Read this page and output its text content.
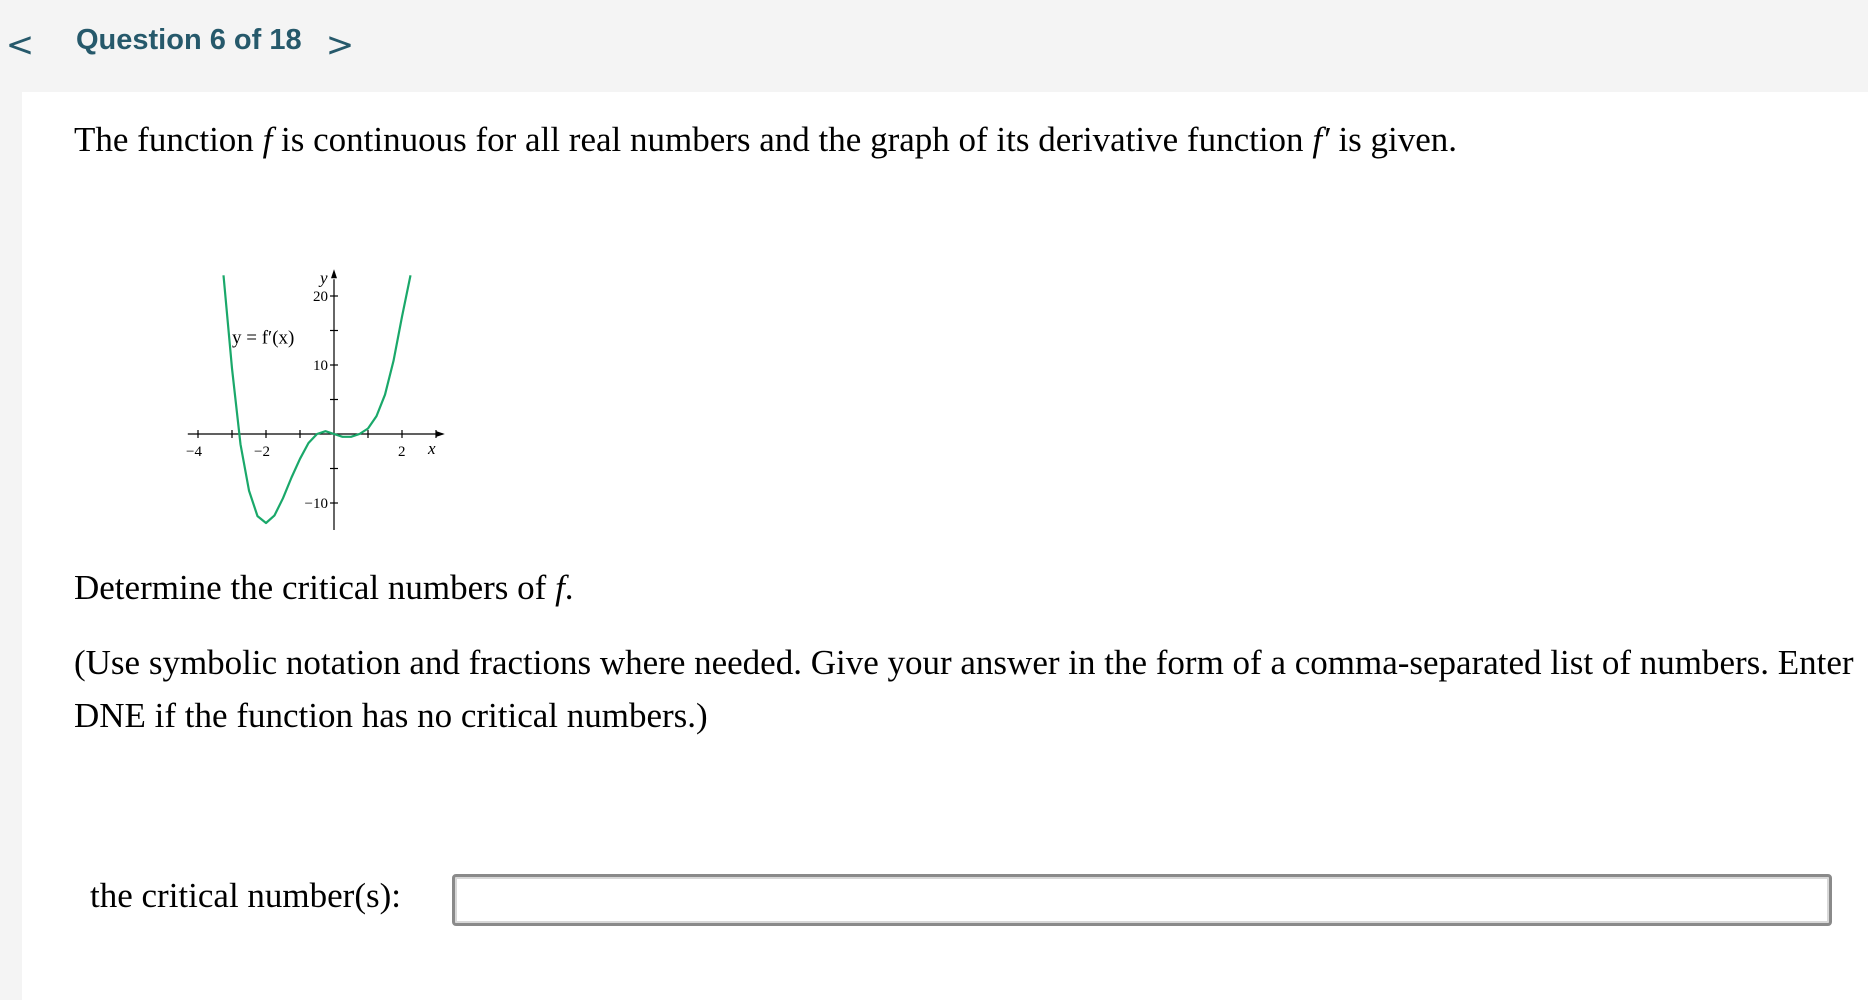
< Question 6 of 18 >
The function f is continuous for all real numbers and the graph of its derivative function f′ is given.
x
y
y = f′(x)
−4	−2	2
20
10
−10
Determine the critical numbers of f.
(Use symbolic notation and fractions where needed. Give your answer in the form of a comma-separated list of numbers. Enter DNE if the function has no critical numbers.)
the critical number(s):
